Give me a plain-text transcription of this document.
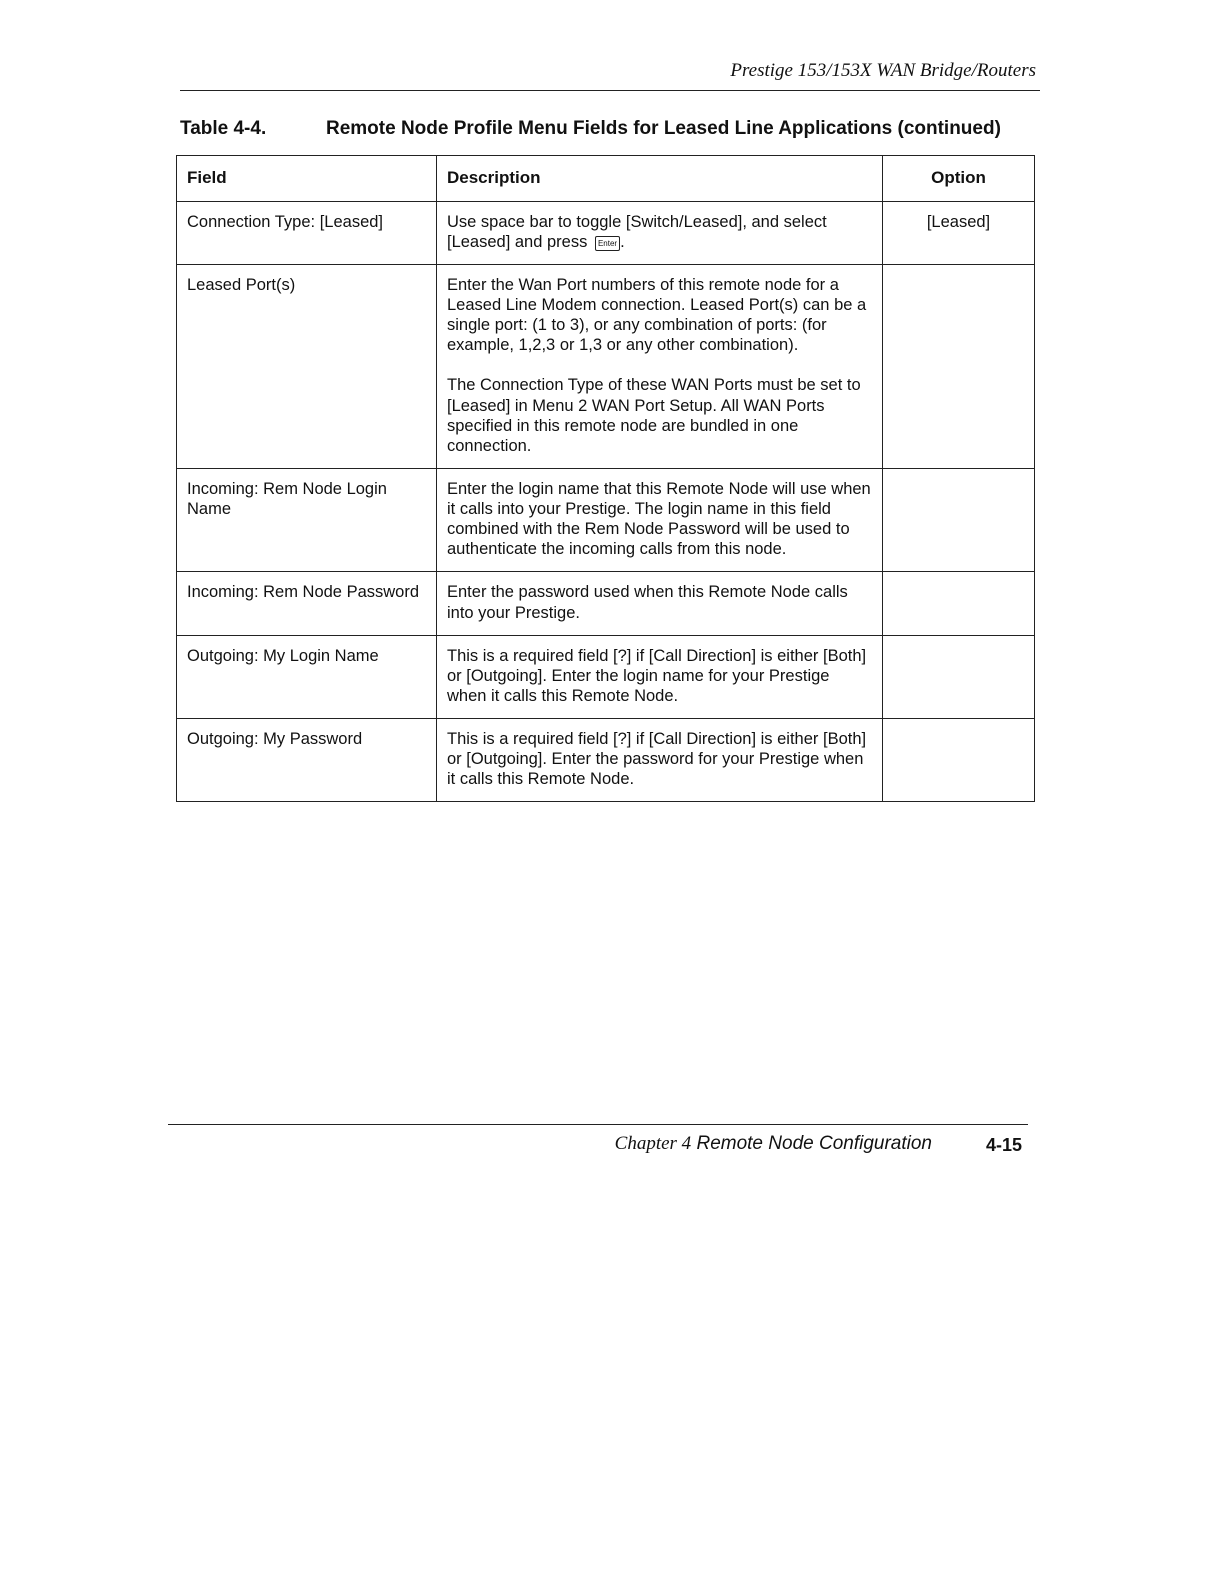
Prestige 153/153X WAN Bridge/Routers
Table 4-4.	Remote Node Profile Menu Fields for Leased Line Applications (continued)
Field	Description	Option
Connection Type: [Leased]	Use space bar to toggle [Switch/Leased], and select [Leased] and press Enter .	[Leased]
Leased Port(s)	Enter the Wan Port numbers of this remote node for a Leased Line Modem connection. Leased Port(s) can be a single port: (1 to 3), or any combination of ports: (for example, 1,2,3 or 1,3 or any other combination).
The Connection Type of these WAN Ports must be set to [Leased] in Menu 2 WAN Port Setup. All WAN Ports specified in this remote node are bundled in one connection.	

Incoming: Rem Node Login Name	Enter the login name that this Remote Node will use when it calls into your Prestige. The login name in this field combined with the Rem Node Password will be used to authenticate the incoming calls from this node.	
Incoming: Rem Node Password	Enter the password used when this Remote Node calls into your Prestige.	
Outgoing: My Login Name	This is a required field [?] if [Call Direction] is either [Both] or [Outgoing]. Enter the login name for your Prestige when it calls this Remote Node.	
Outgoing: My Password	This is a required field [?] if [Call Direction] is either [Both] or [Outgoing]. Enter the password for your Prestige when it calls this Remote Node.	
Chapter 4 Remote Node Configuration	4-15
